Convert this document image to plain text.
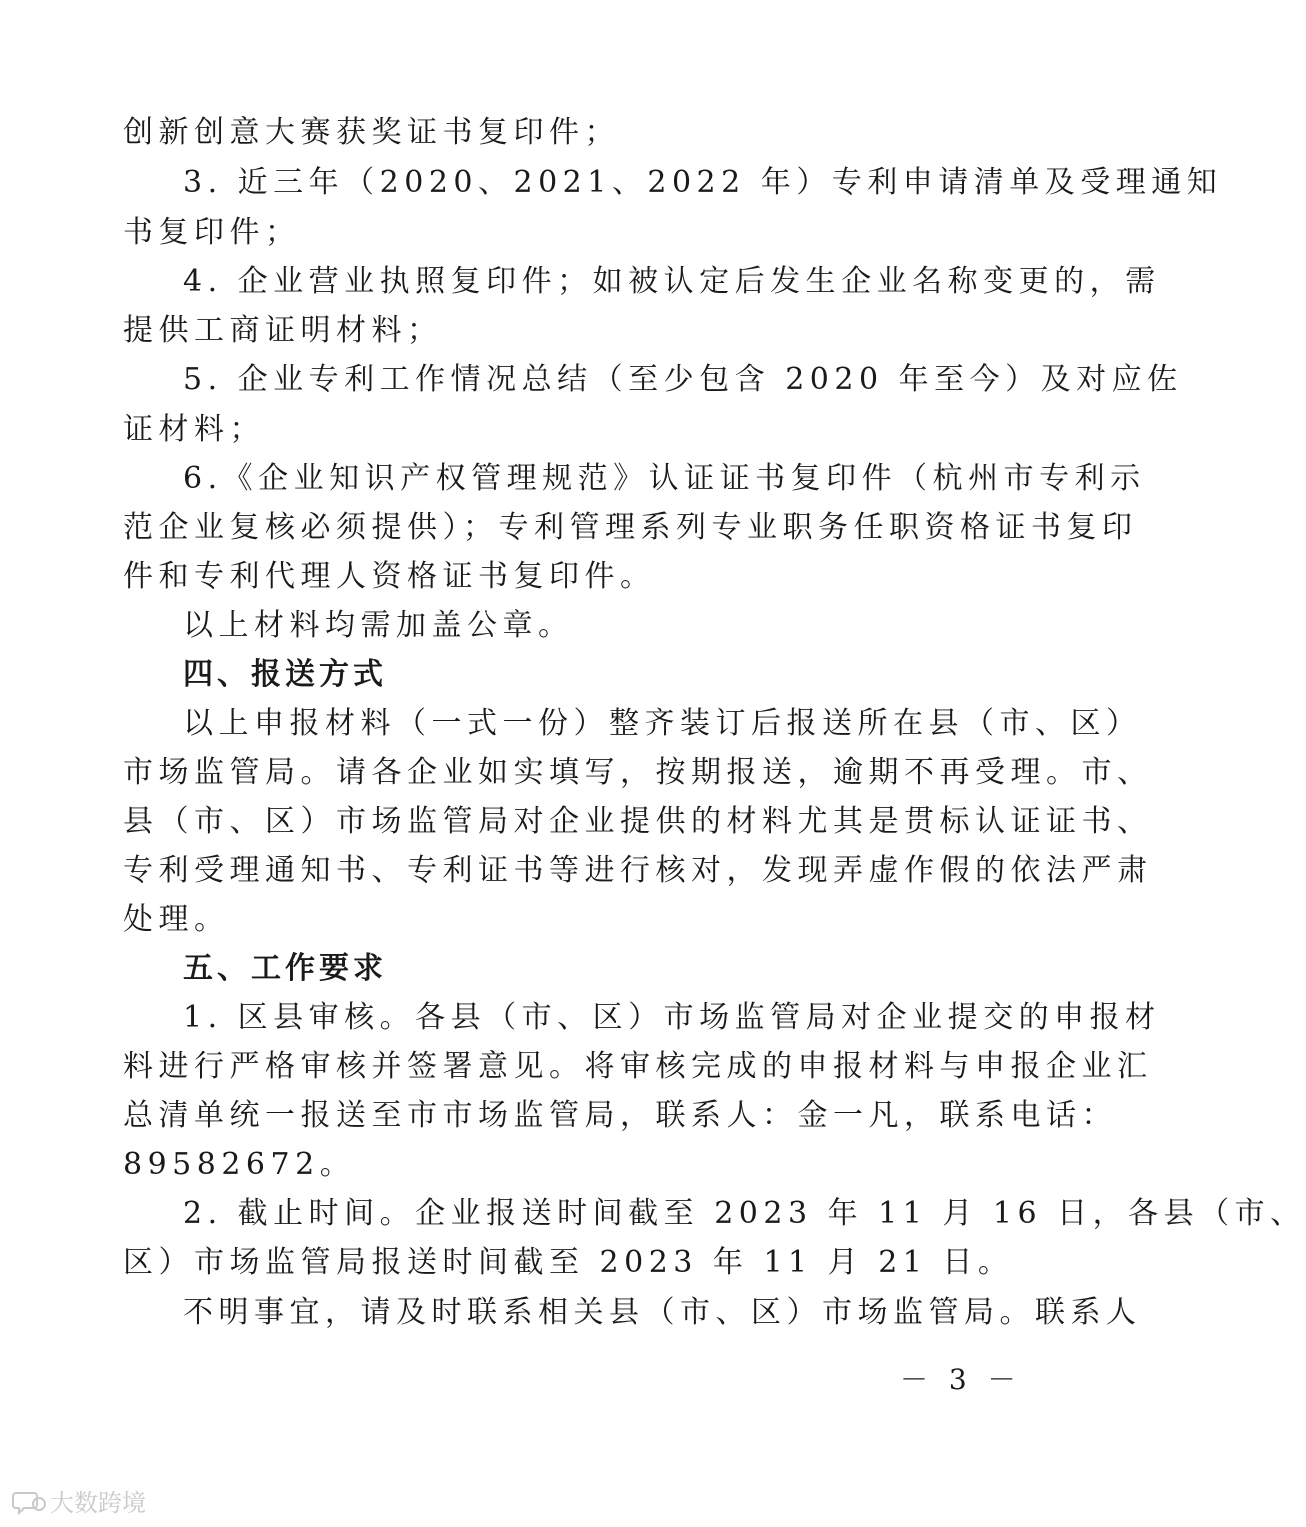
创新创意大赛获奖证书复印件；
3. 近三年（2020、2021、2022 年）专利申请清单及受理通知
书复印件；
4. 企业营业执照复印件；如被认定后发生企业名称变更的，需
提供工商证明材料；
5. 企业专利工作情况总结（至少包含 2020 年至今）及对应佐
证材料；
6.《企业知识产权管理规范》认证证书复印件（杭州市专利示
范企业复核必须提供）；专利管理系列专业职务任职资格证书复印
件和专利代理人资格证书复印件。
以上材料均需加盖公章。
四、报送方式
以上申报材料（一式一份）整齐装订后报送所在县（市、区）
市场监管局。请各企业如实填写，按期报送，逾期不再受理。市、
县（市、区）市场监管局对企业提供的材料尤其是贯标认证证书、
专利受理通知书、专利证书等进行核对，发现弄虚作假的依法严肃
处理。
五、工作要求
1. 区县审核。各县（市、区）市场监管局对企业提交的申报材
料进行严格审核并签署意见。将审核完成的申报材料与申报企业汇
总清单统一报送至市市场监管局，联系人：金一凡，联系电话：
89582672。
2. 截止时间。企业报送时间截至 2023 年 11 月 16 日，各县（市、
区）市场监管局报送时间截至 2023 年 11 月 21 日。
不明事宜，请及时联系相关县（市、区）市场监管局。联系人
－ 3 －
大数跨境
